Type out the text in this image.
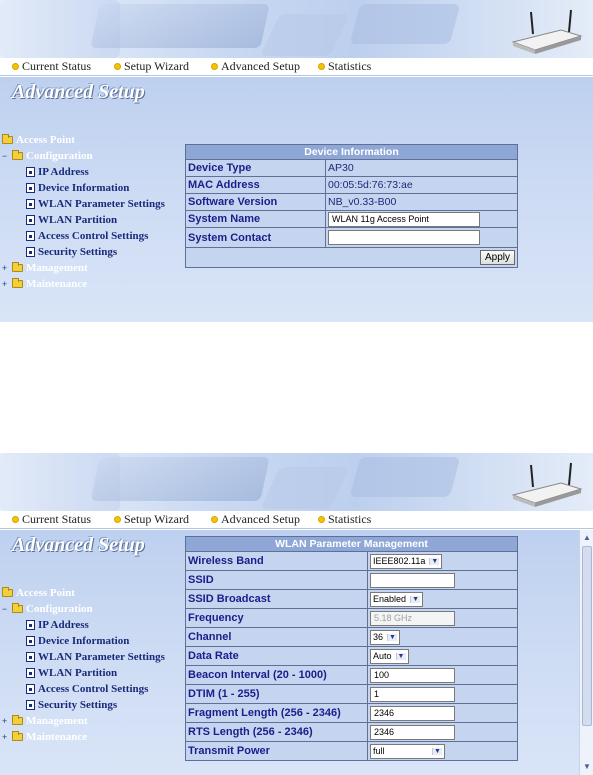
Current Status	Setup Wizard	Advanced Setup Statistics
Advanced Setup
Access Point
− Configuration
IP Address
Device Information
WLAN Parameter Settings
WLAN Partition
Access Control Settings
Security Settings
+ Management
+ Maintenance
Device Information	
Device Type	AP30
MAC Address	00:05:5d:76:73:ae
Software Version	NB_v0.33-B00
System Name	WLAN 11g Access Point
System Contact	
Apply	
Current Status	Setup Wizard	Advanced Setup Statistics
Advanced Setup
Access Point
− Configuration
IP Address
Device Information
WLAN Parameter Settings
WLAN Partition
Access Control Settings
Security Settings
+ Management
+ Maintenance
WLAN Parameter Management	
Wireless Band	IEEE802.11a ▼

SSID	
SSID Broadcast	Enabled ▼

Frequency	5.18 GHz
Channel	36 ▼

Data Rate	Auto ▼

Beacon Interval (20 - 1000)	100
DTIM (1 - 255)	1
Fragment Length (256 - 2346)	2346
RTS Length (256 - 2346)	2346
Transmit Power	full ▼
▲
▼
